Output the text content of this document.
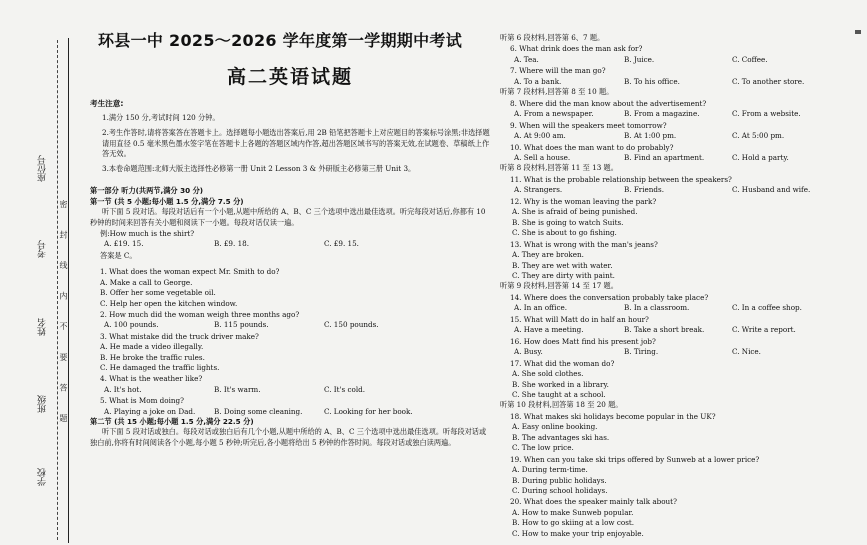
学校
班级
姓名
考号
座位号
密 封 线 内 不 要 答 题
环县一中 2025～2026 学年度第一学期期中考试
高二英语试题
考生注意:
1.满分 150 分,考试时间 120 分钟。
2.考生作答时,请将答案答在答题卡上。选择题每小题选出答案后,用 2B 铅笔把答题卡上对应题目的答案标号涂黑;非选择题请用直径 0.5 毫米黑色墨水签字笔在答题卡上各题的答题区域内作答,超出答题区域书写的答案无效,在试题卷、草稿纸上作答无效。
3.本卷命题范围:北师大版主选择性必修第一册 Unit 2 Lesson 3 & 外研版主必修第三册 Unit 3。
第一部分 听力(共两节,满分 30 分)
第一节 (共 5 小题;每小题 1.5 分,满分 7.5 分)
听下面 5 段对话。每段对话后有一个小题,从题中所给的 A、B、C 三个选项中选出最佳选项。听完每段对话后,你都有 10 秒钟的时间来回答有关小题和阅读下一小题。每段对话仅读一遍。
例:How much is the shirt?
A. £19. 15.	B. £9. 18.	C. £9. 15.
答案是 C。
1. What does the woman expect Mr. Smith to do?
A. Make a call to George.
B. Offer her some vegetable oil.
C. Help her open the kitchen window.
2. How much did the woman weigh three months ago?
A. 100 pounds.	B. 115 pounds.	C. 150 pounds.
3. What mistake did the truck driver make?
A. He made a video illegally.
B. He broke the traffic rules.
C. He damaged the traffic lights.
4. What is the weather like?
A. It's hot.	B. It's warm.	C. It's cold.
5. What is Mom doing?
A. Playing a joke on Dad.	B. Doing some cleaning.	C. Looking for her book.
第二节 (共 15 小题;每小题 1.5 分,满分 22.5 分)
听下面 5 段对话或独白。每段对话或独白后有几个小题,从题中所给的 A、B、C 三个选项中选出最佳选项。听每段对话或独白前,你将有时间阅读各个小题,每小题 5 秒钟;听完后,各小题将给出 5 秒钟的作答时间。每段对话或独白读两遍。
听第 6 段材料,回答第 6、7 题。
6. What drink does the man ask for?
A. Tea.	B. Juice.	C. Coffee.
7. Where will the man go?
A. To a bank.	B. To his office.	C. To another store.
听第 7 段材料,回答第 8 至 10 题。
8. Where did the man know about the advertisement?
A. From a newspaper.	B. From a magazine.	C. From a website.
9. When will the speakers meet tomorrow?
A. At 9:00 am.	B. At 1:00 pm.	C. At 5:00 pm.
10. What does the man want to do probably?
A. Sell a house.	B. Find an apartment.	C. Hold a party.
听第 8 段材料,回答第 11 至 13 题。
11. What is the probable relationship between the speakers?
A. Strangers.	B. Friends.	C. Husband and wife.
12. Why is the woman leaving the park?
A. She is afraid of being punished.
B. She is going to watch Suits.
C. She is about to go fishing.
13. What is wrong with the man's jeans?
A. They are broken.
B. They are wet with water.
C. They are dirty with paint.
听第 9 段材料,回答第 14 至 17 题。
14. Where does the conversation probably take place?
A. In an office.	B. In a classroom.	C. In a coffee shop.
15. What will Matt do in half an hour?
A. Have a meeting.	B. Take a short break.	C. Write a report.
16. How does Matt find his present job?
A. Busy.	B. Tiring.	C. Nice.
17. What did the woman do?
A. She sold clothes.
B. She worked in a library.
C. She taught at a school.
听第 10 段材料,回答第 18 至 20 题。
18. What makes ski holidays become popular in the UK?
A. Easy online booking.
B. The advantages ski has.
C. The low price.
19. When can you take ski trips offered by Sunweb at a lower price?
A. During term-time.
B. During public holidays.
C. During school holidays.
20. What does the speaker mainly talk about?
A. How to make Sunweb popular.
B. How to go skiing at a low cost.
C. How to make your trip enjoyable.
